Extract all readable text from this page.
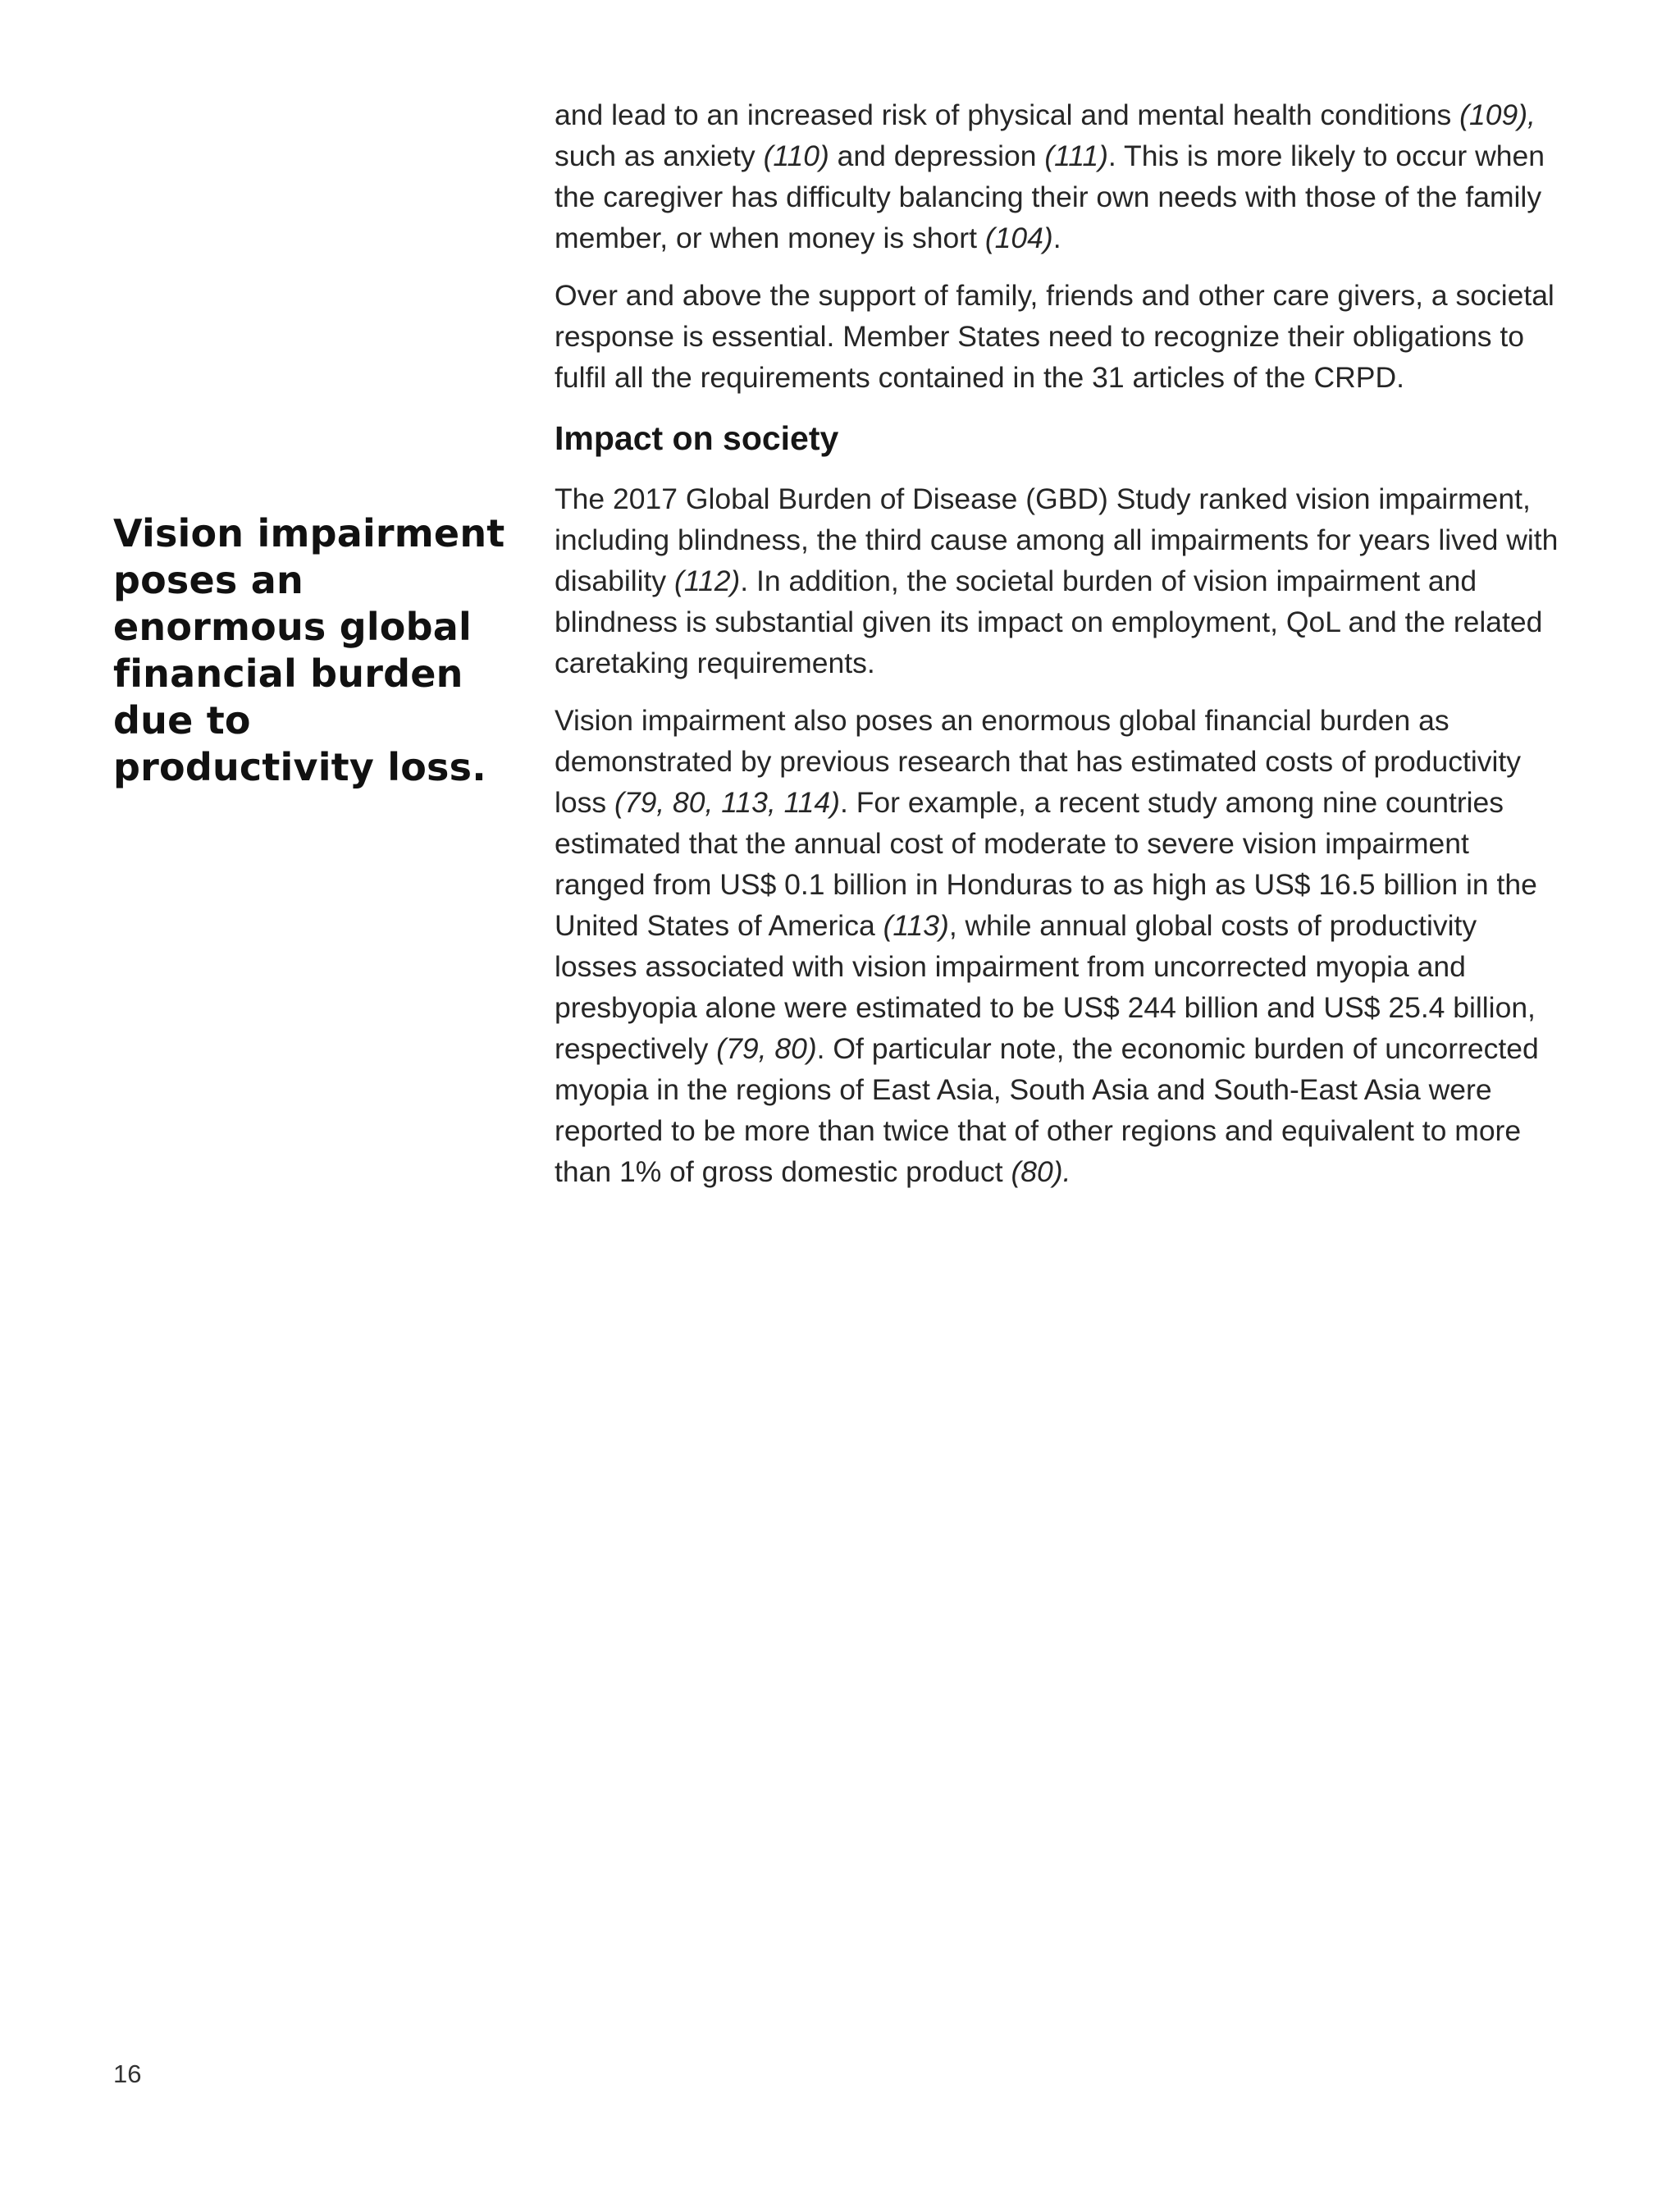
Vision impairment poses an enormous global financial burden due to productivity loss.

and lead to an increased risk of physical and mental health conditions (109), such as anxiety (110) and depression (111). This is more likely to occur when the caregiver has difficulty balancing their own needs with those of the family member, or when money is short (104).

Over and above the support of family, friends and other care givers, a societal response is essential. Member States need to recognize their obligations to fulfil all the requirements contained in the 31 articles of the CRPD.

Impact on society

The 2017 Global Burden of Disease (GBD) Study ranked vision impairment, including blindness, the third cause among all impairments for years lived with disability (112). In addition, the societal burden of vision impairment and blindness is substantial given its impact on employment, QoL and the related caretaking requirements.

Vision impairment also poses an enormous global financial burden as demonstrated by previous research that has estimated costs of productivity loss (79, 80, 113, 114). For example, a recent study among nine countries estimated that the annual cost of moderate to severe vision impairment ranged from US$ 0.1 billion in Honduras to as high as US$ 16.5 billion in the United States of America (113), while annual global costs of productivity losses associated with vision impairment from uncorrected myopia and presbyopia alone were estimated to be US$ 244 billion and US$ 25.4 billion, respectively (79, 80). Of particular note, the economic burden of uncorrected myopia in the regions of East Asia, South Asia and South-East Asia were reported to be more than twice that of other regions and equivalent to more than 1% of gross domestic product (80).

16
